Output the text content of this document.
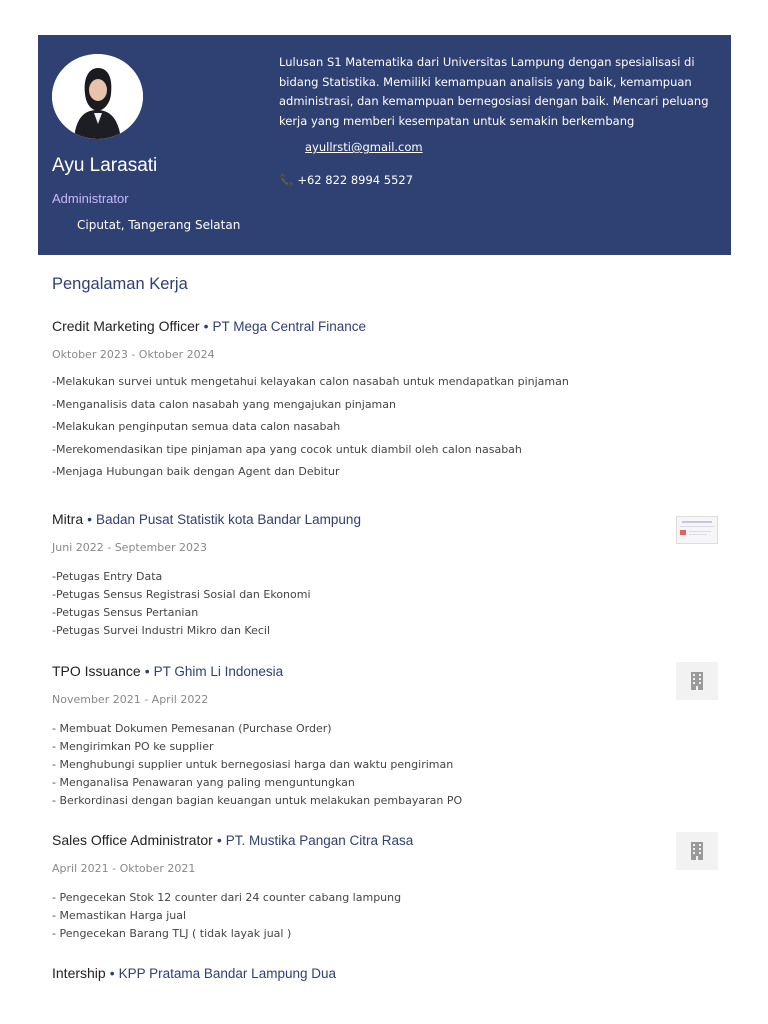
Ayu Larasati
Administrator
Ciputat, Tangerang Selatan
Lulusan S1 Matematika dari Universitas Lampung dengan spesialisasi di bidang Statistika. Memiliki kemampuan analisis yang baik, kemampuan administrasi, dan kemampuan bernegosiasi dengan baik. Mencari peluang kerja yang memberi kesempatan untuk semakin berkembang
ayullrsti@gmail.com
📞 +62 822 8994 5527
Pengalaman Kerja
Credit Marketing Officer • PT Mega Central Finance
Oktober 2023 - Oktober 2024
-Melakukan survei untuk mengetahui kelayakan calon nasabah untuk mendapatkan pinjaman
-Menganalisis data calon nasabah yang mengajukan pinjaman
-Melakukan penginputan semua data calon nasabah
-Merekomendasikan tipe pinjaman apa yang cocok untuk diambil oleh calon nasabah
-Menjaga Hubungan baik dengan Agent dan Debitur
Mitra • Badan Pusat Statistik kota Bandar Lampung
Juni 2022 - September 2023
-Petugas Entry Data
-Petugas Sensus Registrasi Sosial dan Ekonomi
-Petugas Sensus Pertanian
-Petugas Survei Industri Mikro dan Kecil
TPO Issuance • PT Ghim Li Indonesia
November 2021 - April 2022
- Membuat Dokumen Pemesanan (Purchase Order)
- Mengirimkan PO ke supplier
- Menghubungi supplier untuk bernegosiasi harga dan waktu pengiriman
- Menganalisa Penawaran yang paling menguntungkan
- Berkordinasi dengan bagian keuangan untuk melakukan pembayaran PO
Sales Office Administrator • PT. Mustika Pangan Citra Rasa
April 2021 - Oktober 2021
- Pengecekan Stok 12 counter dari 24 counter cabang lampung
- Memastikan Harga jual
- Pengecekan Barang TLJ ( tidak layak jual )
Intership • KPP Pratama Bandar Lampung Dua
